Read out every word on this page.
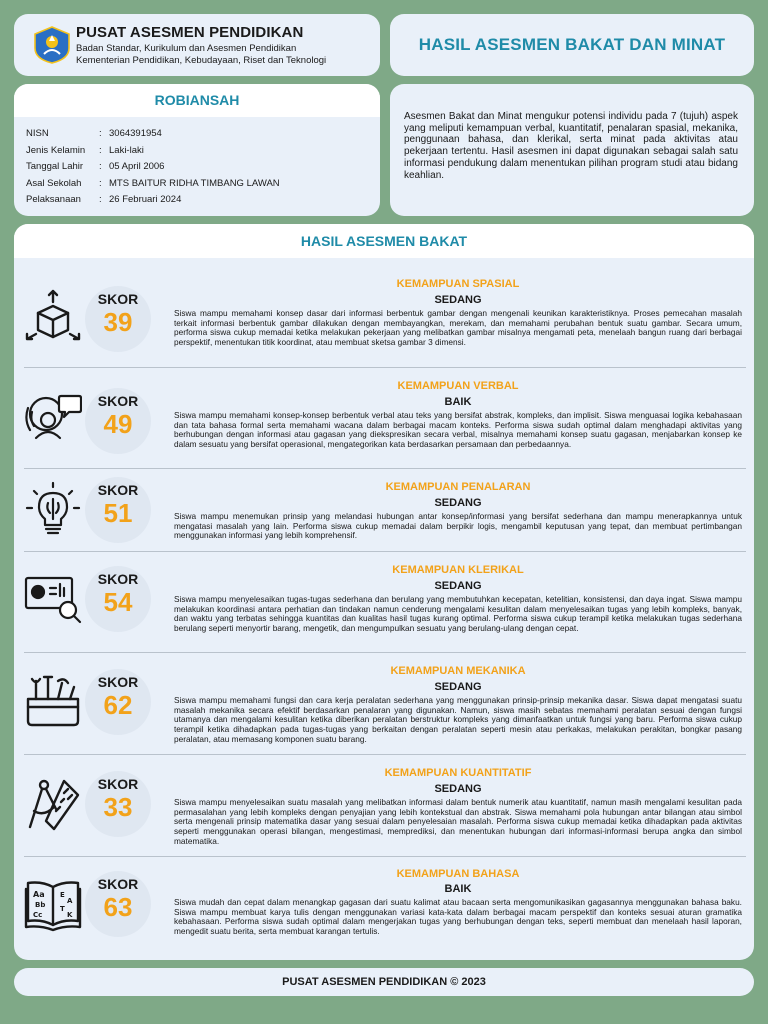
PUSAT ASESMEN PENDIDIKAN
Badan Standar, Kurikulum dan Asesmen Pendidikan
Kementerian Pendidikan, Kebudayaan, Riset dan Teknologi
HASIL ASESMEN BAKAT DAN MINAT
ROBIANSAH
NISN	: 3064391954
Jenis Kelamin	: Laki-laki
Tanggal Lahir	: 05 April 2006
Asal Sekolah	: MTS BAITUR RIDHA TIMBANG LAWAN
Pelaksanaan	: 26 Februari 2024

Asesmen Bakat dan Minat mengukur potensi individu pada 7 (tujuh) aspek yang meliputi kemampuan verbal, kuantitatif, penalaran spasial, mekanika, penggunaan bahasa, dan klerikal, serta minat pada aktivitas atau pekerjaan tertentu. Hasil asesmen ini dapat digunakan sebagai salah satu informasi pendukung dalam menentukan pilihan program studi atau bidang keahlian.

HASIL ASESMEN BAKAT
SKOR
39
KEMAMPUAN SPASIAL
SEDANG
Siswa mampu memahami konsep dasar dari informasi berbentuk gambar dengan mengenali keunikan karakteristiknya. Proses pemecahan masalah terkait informasi berbentuk gambar dilakukan dengan membayangkan, merekam, dan memahami perubahan bentuk suatu gambar. Secara umum, performa siswa cukup memadai ketika melakukan pekerjaan yang melibatkan gambar misalnya mengamati peta, menelaah bangun ruang dari berbagai perspektif, menentukan titik koordinat, atau membuat sketsa gambar 3 dimensi.
SKOR
49
KEMAMPUAN VERBAL
BAIK
Siswa mampu memahami konsep-konsep berbentuk verbal atau teks yang bersifat abstrak, kompleks, dan implisit. Siswa menguasai logika kebahasaan dan tata bahasa formal serta memahami wacana dalam berbagai macam konteks. Performa siswa sudah optimal dalam menghadapi aktivitas yang berhubungan dengan informasi atau gagasan yang diekspresikan secara verbal, misalnya memahami konsep suatu gagasan, menjabarkan konsep ke dalam sesuatu yang bersifat operasional, mengategorikan kata berdasarkan persamaan dan perbedaannya.
SKOR
51
KEMAMPUAN PENALARAN
SEDANG
Siswa mampu menemukan prinsip yang melandasi hubungan antar konsep/informasi yang bersifat sederhana dan mampu menerapkannya untuk mengatasi masalah yang lain. Performa siswa cukup memadai dalam berpikir logis, mengambil keputusan yang tepat, dan membuat pertimbangan menggunakan informasi yang lebih komprehensif.
SKOR
54
KEMAMPUAN KLERIKAL
SEDANG
Siswa mampu menyelesaikan tugas-tugas sederhana dan berulang yang membutuhkan kecepatan, ketelitian, konsistensi, dan daya ingat. Siswa mampu melakukan koordinasi antara perhatian dan tindakan namun cenderung mengalami kesulitan dalam menyelesaikan tugas yang lebih kompleks, banyak, dan waktu yang terbatas sehingga kuantitas dan kualitas hasil tugas kurang optimal. Performa siswa cukup terampil ketika melakukan tugas sederhana berulang seperti menyortir barang, mengetik, dan mengumpulkan sesuatu yang berulang-ulang dengan cepat.
SKOR
62
KEMAMPUAN MEKANIKA
SEDANG
Siswa mampu memahami fungsi dan cara kerja peralatan sederhana yang menggunakan prinsip-prinsip mekanika dasar. Siswa dapat mengatasi suatu masalah mekanika secara efektif berdasarkan penalaran yang digunakan. Namun, siswa masih sebatas memahami peralatan sesuai dengan fungsi utamanya dan mengalami kesulitan ketika diberikan peralatan berstruktur kompleks yang dimanfaatkan untuk fungsi yang baru. Performa siswa cukup terampil ketika dihadapkan pada tugas-tugas yang berkaitan dengan peralatan seperti mesin atau perkakas, melakukan perakitan, bongkar pasang peralatan, atau memasang komponen suatu barang.
SKOR
33
KEMAMPUAN KUANTITATIF
SEDANG
Siswa mampu menyelesaikan suatu masalah yang melibatkan informasi dalam bentuk numerik atau kuantitatif, namun masih mengalami kesulitan pada permasalahan yang lebih kompleks dengan penyajian yang lebih kontekstual dan abstrak. Siswa memahami pola hubungan antar bilangan atau simbol serta mengenali prinsip matematika dasar yang sesuai dalam penyelesaian masalah. Performa siswa cukup memadai ketika dihadapkan pada aktivitas seperti menggunakan operasi bilangan, mengestimasi, memprediksi, dan menentukan hubungan dari informasi-informasi berupa angka dan simbol matematika.
Aa
Bb
Cc
E
A
T
K
SKOR
63
KEMAMPUAN BAHASA
BAIK
Siswa mudah dan cepat dalam menangkap gagasan dari suatu kalimat atau bacaan serta mengomunikasikan gagasannya menggunakan bahasa baku. Siswa mampu membuat karya tulis dengan menggunakan variasi kata-kata dalam berbagai macam perspektif dan konteks sesuai aturan gramatika kebahasaan. Performa siswa sudah optimal dalam mengerjakan tugas yang berhubungan dengan teks, seperti membuat dan menelaah hasil laporan, mengedit suatu berita, serta membuat karangan tertulis.
PUSAT ASESMEN PENDIDIKAN © 2023
